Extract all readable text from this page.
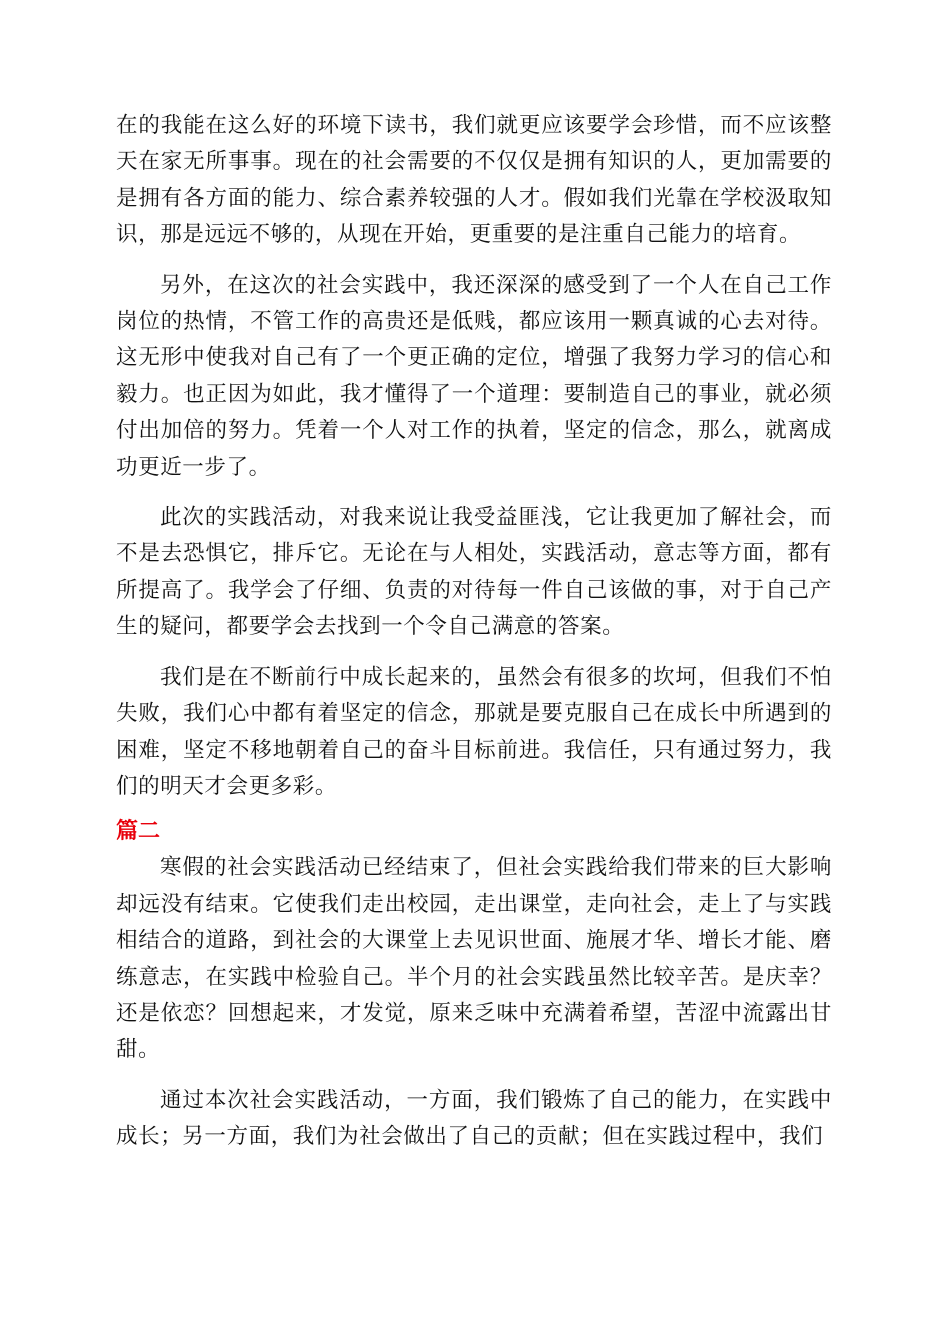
在的我能在这么好的环境下读书，我们就更应该要学会珍惜，而不应该整天在家无所事事。现在的社会需要的不仅仅是拥有知识的人，更加需要的是拥有各方面的能力、综合素养较强的人才。假如我们光靠在学校汲取知识，那是远远不够的，从现在开始，更重要的是注重自己能力的培育。

另外，在这次的社会实践中，我还深深的感受到了一个人在自己工作岗位的热情，不管工作的高贵还是低贱，都应该用一颗真诚的心去对待。这无形中使我对自己有了一个更正确的定位，增强了我努力学习的信心和毅力。也正因为如此，我才懂得了一个道理：要制造自己的事业，就必须付出加倍的努力。凭着一个人对工作的执着，坚定的信念，那么，就离成功更近一步了。

此次的实践活动，对我来说让我受益匪浅，它让我更加了解社会，而不是去恐惧它，排斥它。无论在与人相处，实践活动，意志等方面，都有所提高了。我学会了仔细、负责的对待每一件自己该做的事，对于自己产生的疑问，都要学会去找到一个令自己满意的答案。

我们是在不断前行中成长起来的，虽然会有很多的坎坷，但我们不怕失败，我们心中都有着坚定的信念，那就是要克服自己在成长中所遇到的困难，坚定不移地朝着自己的奋斗目标前进。我信任，只有通过努力，我们的明天才会更多彩。

篇二

寒假的社会实践活动已经结束了，但社会实践给我们带来的巨大影响却远没有结束。它使我们走出校园，走出课堂，走向社会，走上了与实践相结合的道路，到社会的大课堂上去见识世面、施展才华、增长才能、磨练意志，在实践中检验自己。半个月的社会实践虽然比较辛苦。是庆幸？还是依恋？回想起来，才发觉，原来乏味中充满着希望，苦涩中流露出甘甜。

通过本次社会实践活动，一方面，我们锻炼了自己的能力，在实践中成长；另一方面，我们为社会做出了自己的贡献；但在实践过程中，我们
